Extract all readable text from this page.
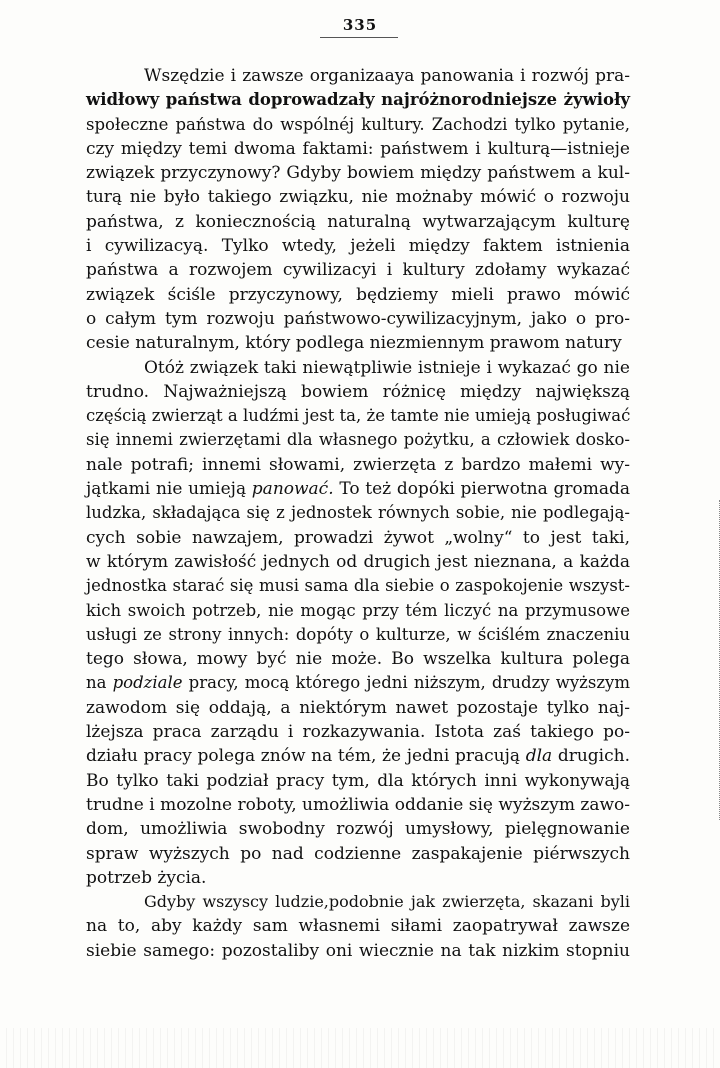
335
Wszędzie i zawsze organizaaya panowania i rozwój pra-
widłowy państwa doprowadzały najróżnorodniejsze żywioły
społeczne państwa do wspólnéj kultury. Zachodzi tylko pytanie,
czy między temi dwoma faktami: państwem i kulturą—istnieje
związek przyczynowy? Gdyby bowiem między państwem a kul-
turą nie było takiego związku, nie możnaby mówić o rozwoju
państwa, z koniecznością naturalną wytwarzającym kulturę
i cywilizacyą. Tylko wtedy, jeżeli między faktem istnienia
państwa a rozwojem cywilizacyi i kultury zdołamy wykazać
związek ściśle przyczynowy, będziemy mieli prawo mówić
o całym tym rozwoju państwowo-cywilizacyjnym, jako o pro-
cesie naturalnym, który podlega niezmiennym prawom natury
Otóż związek taki niewątpliwie istnieje i wykazać go nie
trudno. Najważniejszą bowiem różnicę między największą
częścią zwierząt a ludźmi jest ta, że tamte nie umieją posługiwać
się innemi zwierzętami dla własnego pożytku, a człowiek dosko-
nale potrafi; innemi słowami, zwierzęta z bardzo małemi wy-
jątkami nie umieją panować. To też dopóki pierwotna gromada
ludzka, składająca się z jednostek równych sobie, nie podlegają-
cych sobie nawzajem, prowadzi żywot „wolny“ to jest taki,
w którym zawisłość jednych od drugich jest nieznana, a każda
jednostka starać się musi sama dla siebie o zaspokojenie wszyst-
kich swoich potrzeb, nie mogąc przy tém liczyć na przymusowe
usługi ze strony innych: dopóty o kulturze, w ściślém znaczeniu
tego słowa, mowy być nie może. Bo wszelka kultura polega
na podziale pracy, mocą którego jedni niższym, drudzy wyższym
zawodom się oddają, a niektórym nawet pozostaje tylko naj-
lżejsza praca zarządu i rozkazywania. Istota zaś takiego po-
działu pracy polega znów na tém, że jedni pracują dla drugich.
Bo tylko taki podział pracy tym, dla których inni wykonywają
trudne i mozolne roboty, umożliwia oddanie się wyższym zawo-
dom, umożliwia swobodny rozwój umysłowy, pielęgnowanie
spraw wyższych po nad codzienne zaspakajenie piérwszych
potrzeb życia.
Gdyby wszyscy ludzie,podobnie jak zwierzęta, skazani byli
na to, aby każdy sam własnemi siłami zaopatrywał zawsze
siebie samego: pozostaliby oni wiecznie na tak nizkim stopniu
